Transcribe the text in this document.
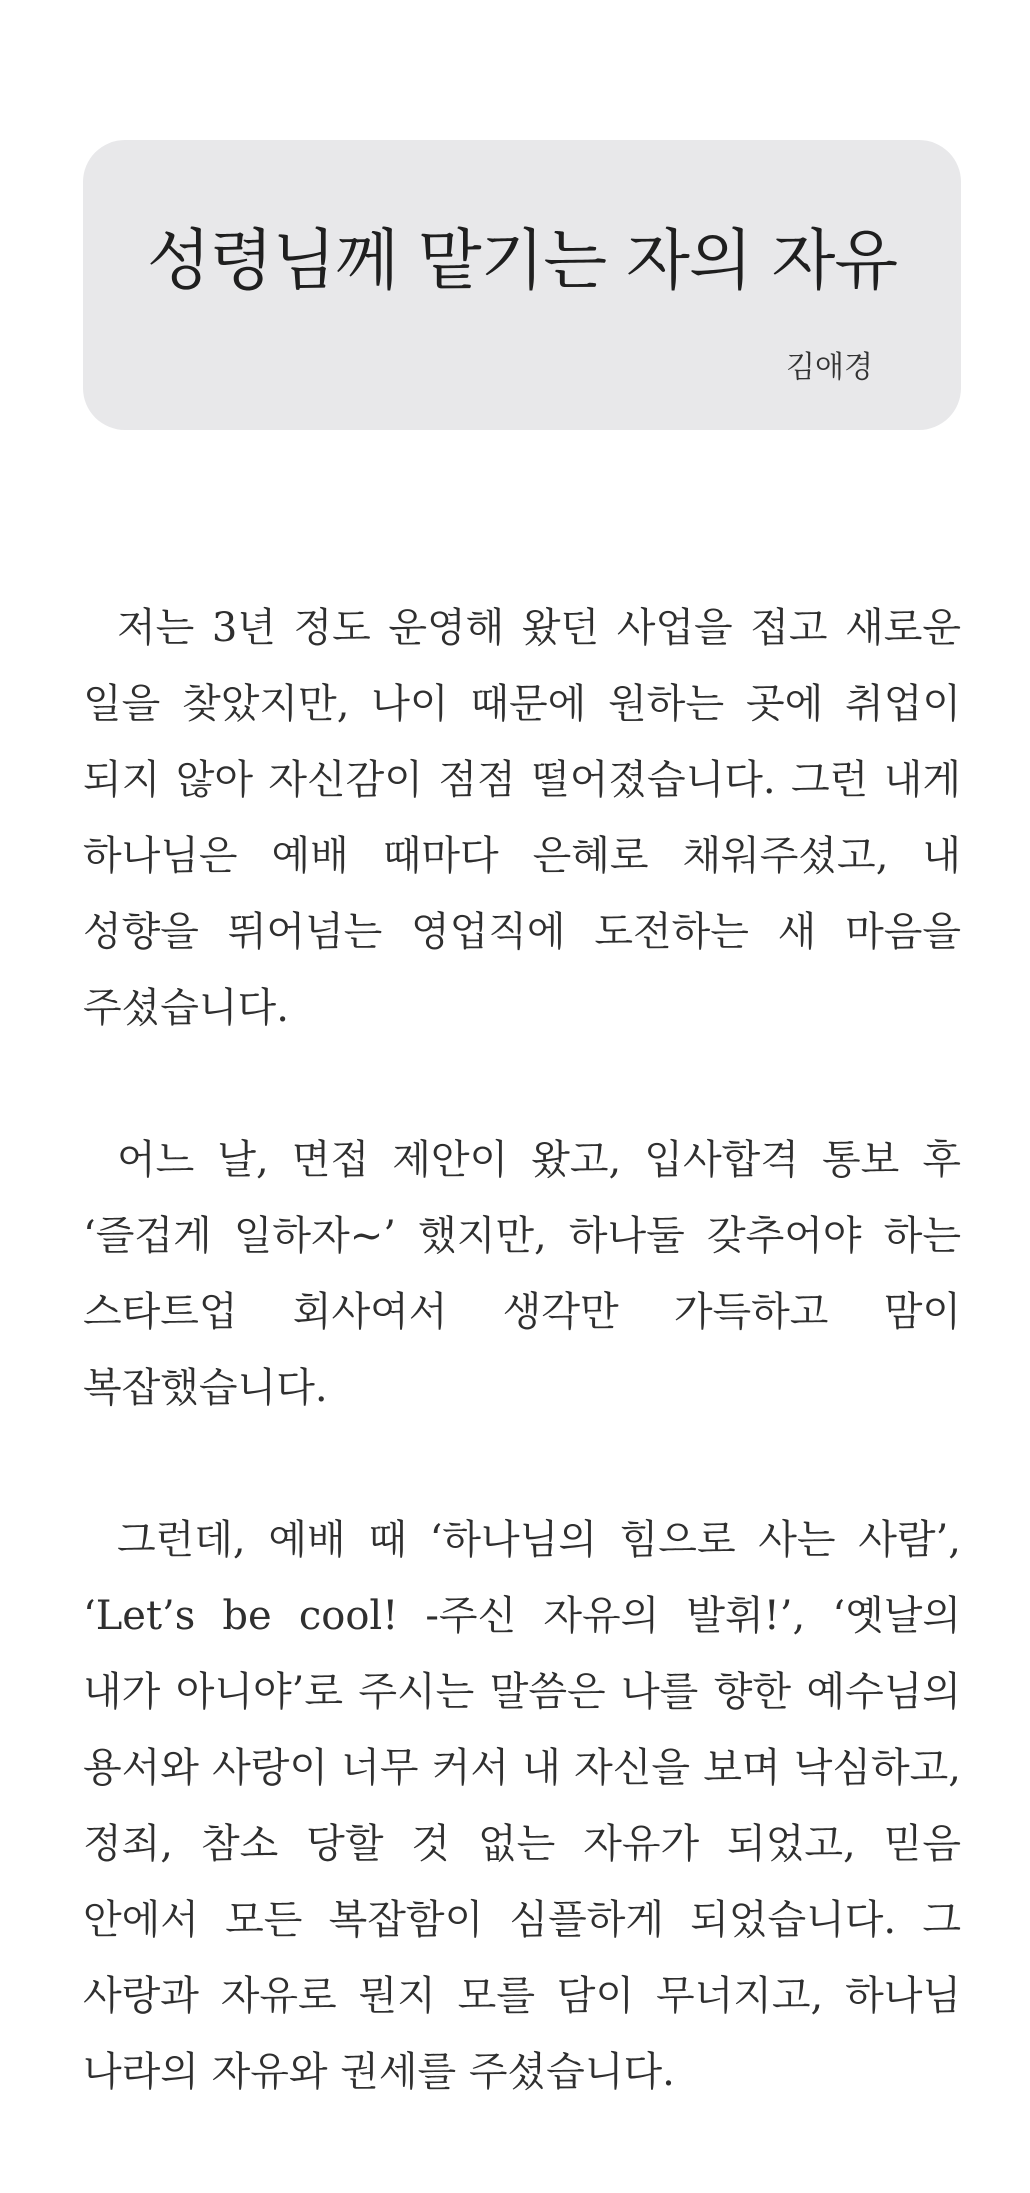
성령님께 맡기는 자의 자유
김애경

저는 3년 정도 운영해 왔던 사업을 접고 새로운 일을 찾았지만, 나이 때문에 원하는 곳에 취업이 되지 않아 자신감이 점점 떨어졌습니다. 그런 내게 하나님은 예배 때마다 은혜로 채워주셨고, 내 성향을 뛰어넘는 영업직에 도전하는 새 마음을 주셨습니다.

어느 날, 면접 제안이 왔고, 입사합격 통보 후 ‘즐겁게 일하자~’ 했지만, 하나둘 갖추어야 하는 스타트업 회사여서 생각만 가득하고 맘이 복잡했습니다.

그런데, 예배 때 ‘하나님의 힘으로 사는 사람’, ‘Let’s be cool! -주신 자유의 발휘!’, ‘옛날의 내가 아니야’로 주시는 말씀은 나를 향한 예수님의 용서와 사랑이 너무 커서 내 자신을 보며 낙심하고, 정죄, 참소 당할 것 없는 자유가 되었고, 믿음 안에서 모든 복잡함이 심플하게 되었습니다. 그 사랑과 자유로 뭔지 모를 담이 무너지고, 하나님 나라의 자유와 권세를 주셨습니다.
